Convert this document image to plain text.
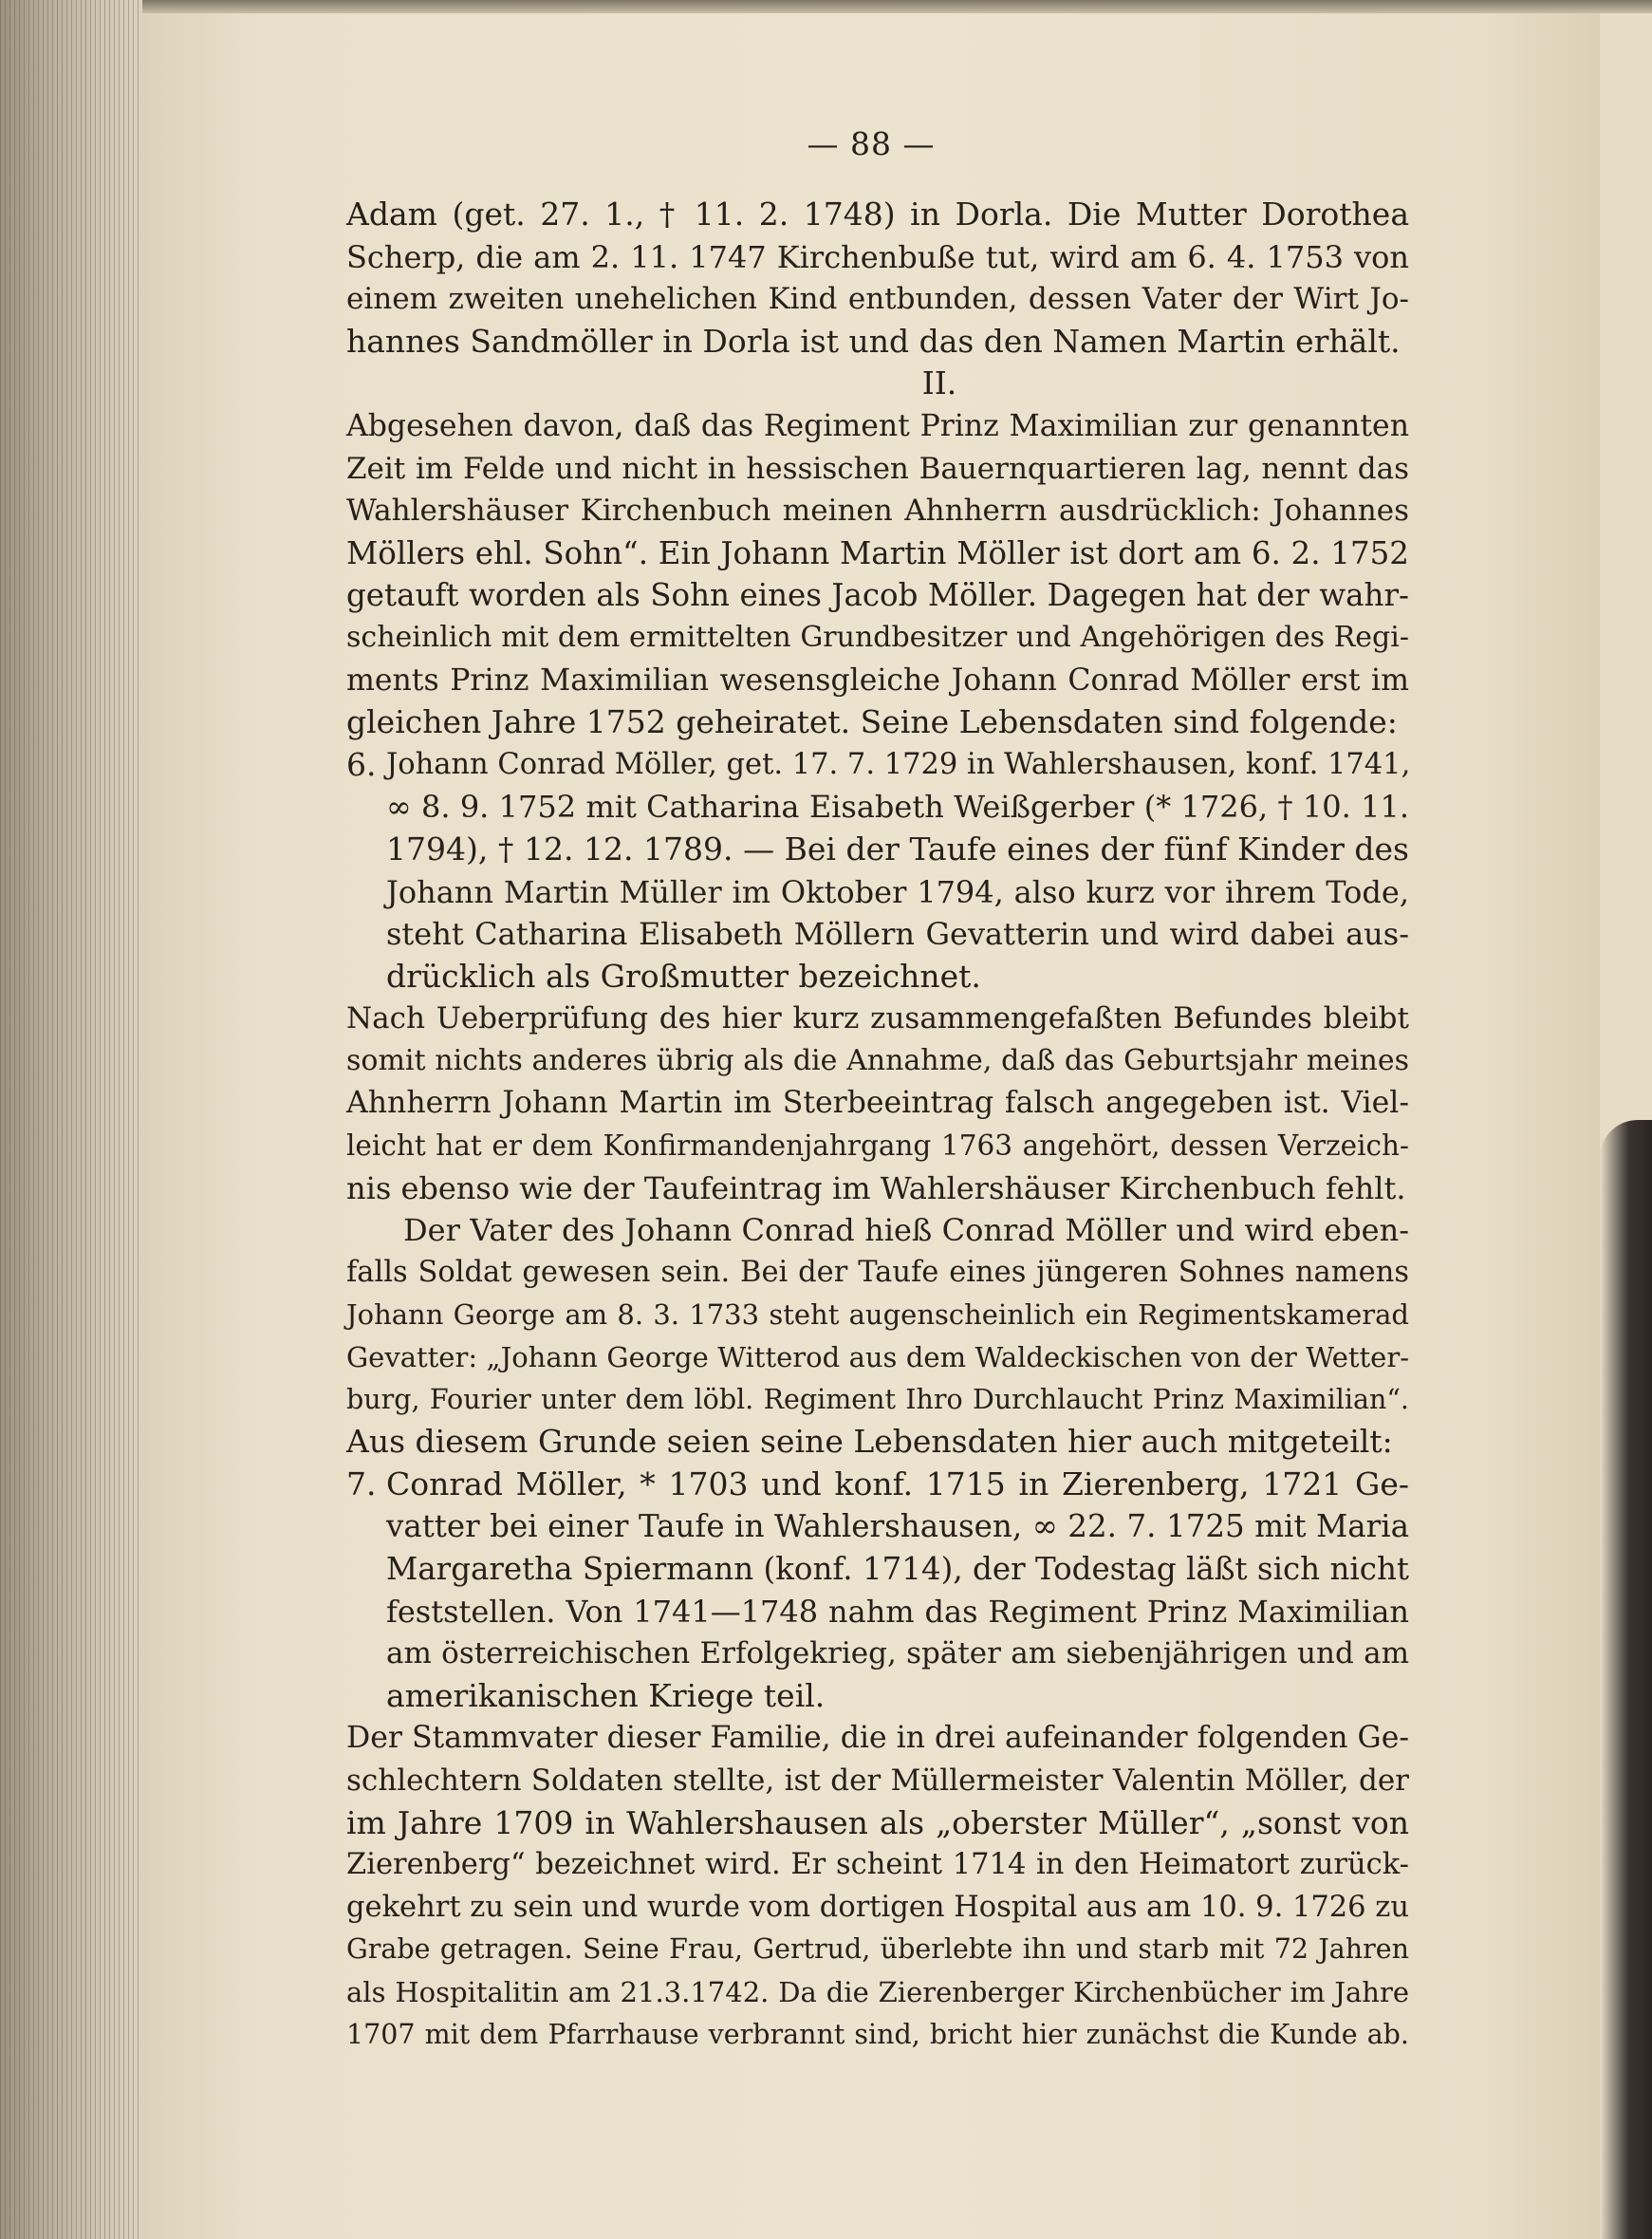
— 88 —

Adam (get. 27. 1., † 11. 2. 1748) in Dorla. Die Mutter Dorothea
Scherp, die am 2. 11. 1747 Kirchenbuße tut, wird am 6. 4. 1753 von
einem zweiten unehelichen Kind entbunden, dessen Vater der Wirt Jo-
hannes Sandmöller in Dorla ist und das den Namen Martin erhält.

II.

Abgesehen davon, daß das Regiment Prinz Maximilian zur genannten
Zeit im Felde und nicht in hessischen Bauernquartieren lag, nennt das
Wahlershäuser Kirchenbuch meinen Ahnherrn ausdrücklich: Johannes
Möllers ehl. Sohn“. Ein Johann Martin Möller ist dort am 6. 2. 1752
getauft worden als Sohn eines Jacob Möller. Dagegen hat der wahr-
scheinlich mit dem ermittelten Grundbesitzer und Angehörigen des Regi-
ments Prinz Maximilian wesensgleiche Johann Conrad Möller erst im
gleichen Jahre 1752 geheiratet. Seine Lebensdaten sind folgende:

6. Johann Conrad Möller, get. 17. 7. 1729 in Wahlershausen, konf. 1741,
∞ 8. 9. 1752 mit Catharina Eisabeth Weißgerber (* 1726, † 10. 11.
1794), † 12. 12. 1789. — Bei der Taufe eines der fünf Kinder des
Johann Martin Müller im Oktober 1794, also kurz vor ihrem Tode,
steht Catharina Elisabeth Möllern Gevatterin und wird dabei aus-
drücklich als Großmutter bezeichnet.

Nach Ueberprüfung des hier kurz zusammengefaßten Befundes bleibt
somit nichts anderes übrig als die Annahme, daß das Geburtsjahr meines
Ahnherrn Johann Martin im Sterbeeintrag falsch angegeben ist. Viel-
leicht hat er dem Konfirmandenjahrgang 1763 angehört, dessen Verzeich-
nis ebenso wie der Taufeintrag im Wahlershäuser Kirchenbuch fehlt.

Der Vater des Johann Conrad hieß Conrad Möller und wird eben-
falls Soldat gewesen sein. Bei der Taufe eines jüngeren Sohnes namens
Johann George am 8. 3. 1733 steht augenscheinlich ein Regimentskamerad
Gevatter: „Johann George Witterod aus dem Waldeckischen von der Wetter-
burg, Fourier unter dem löbl. Regiment Ihro Durchlaucht Prinz Maximilian“.
Aus diesem Grunde seien seine Lebensdaten hier auch mitgeteilt:

7. Conrad Möller, * 1703 und konf. 1715 in Zierenberg, 1721 Ge-
vatter bei einer Taufe in Wahlershausen, ∞ 22. 7. 1725 mit Maria
Margaretha Spiermann (konf. 1714), der Todestag läßt sich nicht
feststellen. Von 1741—1748 nahm das Regiment Prinz Maximilian
am österreichischen Erfolgekrieg, später am siebenjährigen und am
amerikanischen Kriege teil.

Der Stammvater dieser Familie, die in drei aufeinander folgenden Ge-
schlechtern Soldaten stellte, ist der Müllermeister Valentin Möller, der
im Jahre 1709 in Wahlershausen als „oberster Müller“, „sonst von
Zierenberg“ bezeichnet wird. Er scheint 1714 in den Heimatort zurück-
gekehrt zu sein und wurde vom dortigen Hospital aus am 10. 9. 1726 zu
Grabe getragen. Seine Frau, Gertrud, überlebte ihn und starb mit 72 Jahren
als Hospitalitin am 21.3.1742. Da die Zierenberger Kirchenbücher im Jahre
1707 mit dem Pfarrhause verbrannt sind, bricht hier zunächst die Kunde ab.
